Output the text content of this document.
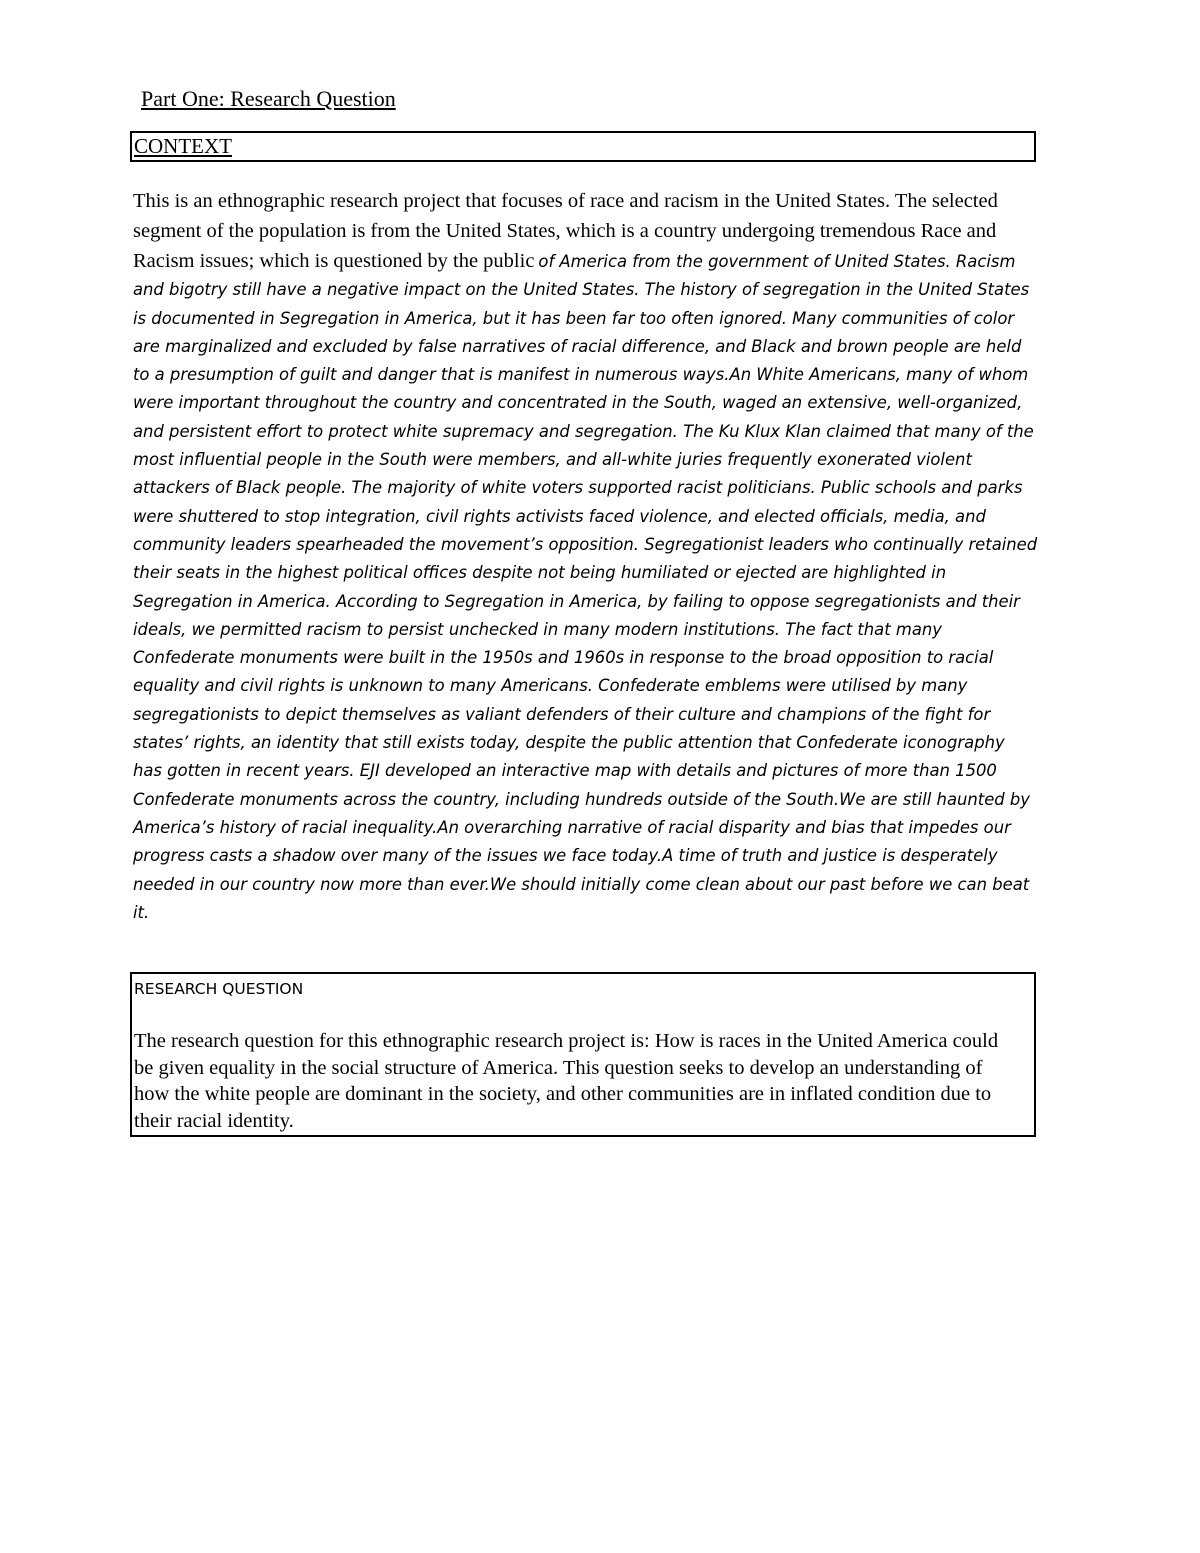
Part One: Research Question
CONTEXT
This is an ethnographic research project that focuses of race and racism in the United States. The selected segment of the population is from the United States, which is a country undergoing tremendous Race and Racism issues; which is questioned by the public of America from the government of United States. Racism and bigotry still have a negative impact on the United States. The history of segregation in the United States is documented in Segregation in America, but it has been far too often ignored. Many communities of color are marginalized and excluded by false narratives of racial difference, and Black and brown people are held to a presumption of guilt and danger that is manifest in numerous ways.An White Americans, many of whom were important throughout the country and concentrated in the South, waged an extensive, well-organized, and persistent effort to protect white supremacy and segregation. The Ku Klux Klan claimed that many of the most influential people in the South were members, and all-white juries frequently exonerated violent attackers of Black people. The majority of white voters supported racist politicians. Public schools and parks were shuttered to stop integration, civil rights activists faced violence, and elected officials, media, and community leaders spearheaded the movement’s opposition. Segregationist leaders who continually retained their seats in the highest political offices despite not being humiliated or ejected are highlighted in Segregation in America. According to Segregation in America, by failing to oppose segregationists and their ideals, we permitted racism to persist unchecked in many modern institutions. The fact that many Confederate monuments were built in the 1950s and 1960s in response to the broad opposition to racial equality and civil rights is unknown to many Americans. Confederate emblems were utilised by many segregationists to depict themselves as valiant defenders of their culture and champions of the fight for states’ rights, an identity that still exists today, despite the public attention that Confederate iconography has gotten in recent years. EJI developed an interactive map with details and pictures of more than 1500 Confederate monuments across the country, including hundreds outside of the South.We are still haunted by America’s history of racial inequality.An overarching narrative of racial disparity and bias that impedes our progress casts a shadow over many of the issues we face today.A time of truth and justice is desperately needed in our country now more than ever.We should initially come clean about our past before we can beat it.
RESEARCH QUESTION
The research question for this ethnographic research project is: How is races in the United America could be given equality in the social structure of America. This question seeks to develop an understanding of how the white people are dominant in the society, and other communities are in inflated condition due to their racial identity.
